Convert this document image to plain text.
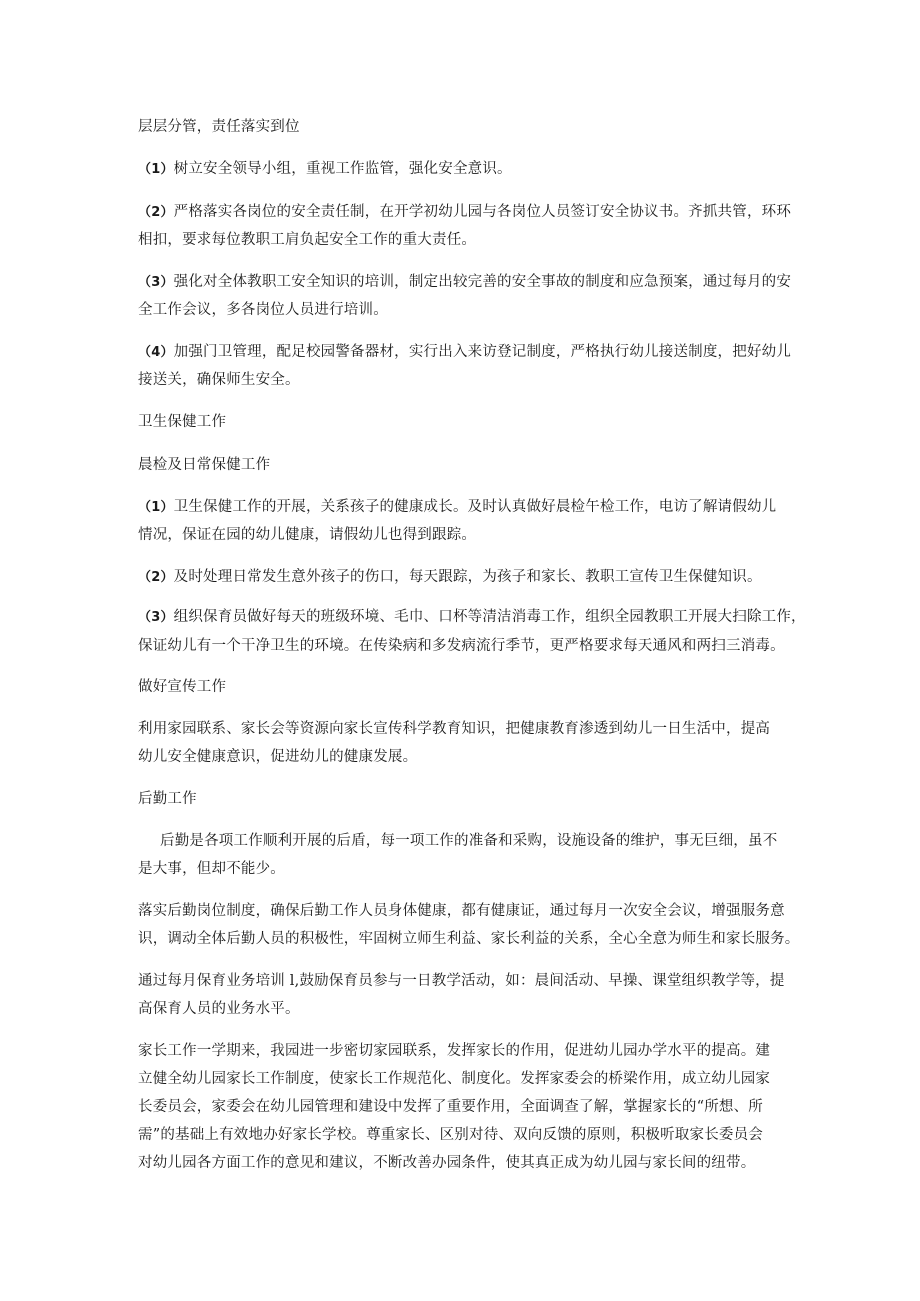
层层分管，责任落实到位
（1）树立安全领导小组，重视工作监管，强化安全意识。
（2）严格落实各岗位的安全责任制，在开学初幼儿园与各岗位人员签订安全协议书。齐抓共管，环环
相扣，要求每位教职工肩负起安全工作的重大责任。
（3）强化对全体教职工安全知识的培训，制定出较完善的安全事故的制度和应急预案，通过每月的安
全工作会议，多各岗位人员进行培训。
（4）加强门卫管理，配足校园警备器材，实行出入来访登记制度，严格执行幼儿接送制度，把好幼儿
接送关，确保师生安全。
卫生保健工作
晨检及日常保健工作
（1）卫生保健工作的开展，关系孩子的健康成长。及时认真做好晨检午检工作，电访了解请假幼儿
情况，保证在园的幼儿健康，请假幼儿也得到跟踪。
（2）及时处理日常发生意外孩子的伤口，每天跟踪，为孩子和家长、教职工宣传卫生保健知识。
（3）组织保育员做好每天的班级环境、毛巾、口杯等清洁消毒工作，组织全园教职工开展大扫除工作，
保证幼儿有一个干净卫生的环境。在传染病和多发病流行季节，更严格要求每天通风和两扫三消毒。
做好宣传工作
利用家园联系、家长会等资源向家长宣传科学教育知识，把健康教育渗透到幼儿一日生活中，提高
幼儿安全健康意识，促进幼儿的健康发展。
后勤工作
后勤是各项工作顺利开展的后盾，每一项工作的准备和采购，设施设备的维护，事无巨细，虽不
是大事，但却不能少。
落实后勤岗位制度，确保后勤工作人员身体健康，都有健康证，通过每月一次安全会议，增强服务意
识，调动全体后勤人员的积极性，牢固树立师生利益、家长利益的关系，全心全意为师生和家长服务。
通过每月保育业务培训 l,鼓励保育员参与一日教学活动，如：晨间活动、早操、课堂组织教学等，提
高保育人员的业务水平。
家长工作一学期来，我园进一步密切家园联系，发挥家长的作用，促进幼儿园办学水平的提高。建
立健全幼儿园家长工作制度，使家长工作规范化、制度化。发挥家委会的桥梁作用，成立幼儿园家
长委员会，家委会在幼儿园管理和建设中发挥了重要作用，全面调查了解，掌握家长的“所想、所
需”的基础上有效地办好家长学校。尊重家长、区别对待、双向反馈的原则，积极听取家长委员会
对幼儿园各方面工作的意见和建议，不断改善办园条件，使其真正成为幼儿园与家长间的纽带。
